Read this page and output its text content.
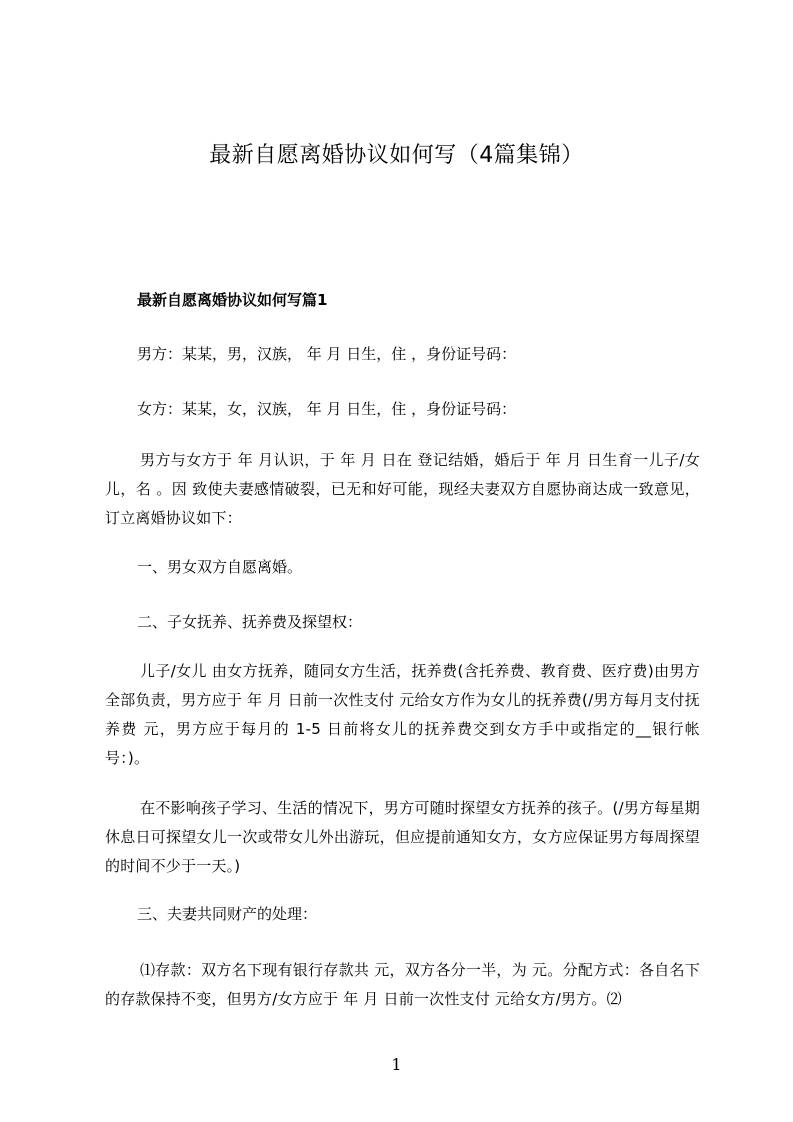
最新自愿离婚协议如何写（4篇集锦）
最新自愿离婚协议如何写篇1
男方：某某，男，汉族， 年 月 日生，住 ，身份证号码：
女方：某某，女，汉族， 年 月 日生，住 ，身份证号码：
男方与女方于 年 月认识，于 年 月 日在 登记结婚，婚后于 年 月 日生育一儿子/女儿，名 。因 致使夫妻感情破裂，已无和好可能，现经夫妻双方自愿协商达成一致意见，订立离婚协议如下：
一、男女双方自愿离婚。
二、子女抚养、抚养费及探望权：
儿子/女儿 由女方抚养，随同女方生活，抚养费(含托养费、教育费、医疗费)由男方全部负责，男方应于 年 月 日前一次性支付 元给女方作为女儿的抚养费(/男方每月支付抚养费 元，男方应于每月的 1-5 日前将女儿的抚养费交到女方手中或指定的__银行帐号：)。
在不影响孩子学习、生活的情况下，男方可随时探望女方抚养的孩子。(/男方每星期休息日可探望女儿一次或带女儿外出游玩，但应提前通知女方，女方应保证男方每周探望的时间不少于一天。)
三、夫妻共同财产的处理：
⑴存款：双方名下现有银行存款共 元，双方各分一半，为 元。分配方式：各自名下的存款保持不变，但男方/女方应于 年 月 日前一次性支付 元给女方/男方。⑵
1
